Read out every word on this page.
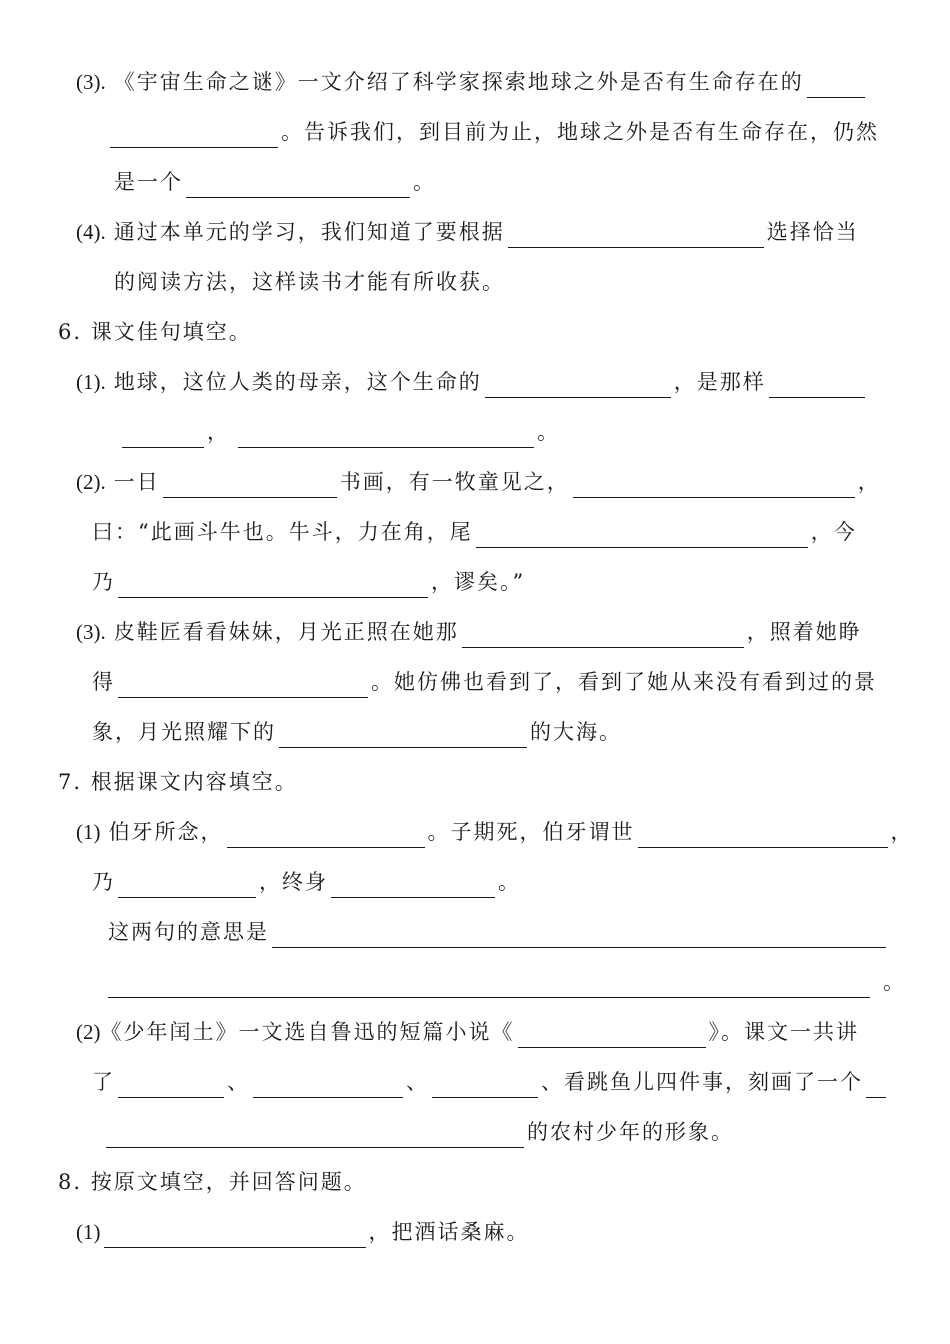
(3). 《宇宙生命之谜》一文介绍了科学家探索地球之外是否有生命存在的
。告诉我们，到目前为止，地球之外是否有生命存在，仍然
是一个	。
(4). 通过本单元的学习，我们知道了要根据	选择恰当
的阅读方法，这样读书才能有所收获。
6. 课文佳句填空。
(1). 地球，这位人类的母亲，这个生命的	，是那样
，	。
(2). 一日	书画，有一牧童见之，	，
曰：“此画斗牛也。牛斗，力在角，尾	，今
乃	，谬矣。”
(3). 皮鞋匠看看妹妹，月光正照在她那	，照着她睁
得	。她仿佛也看到了，看到了她从来没有看到过的景
象，月光照耀下的	的大海。
7. 根据课文内容填空。
(1) 伯牙所念，	。子期死，伯牙谓世	，
乃	，终身	。
这两句的意思是
。
(2) 《少年闰土》一文选自鲁迅的短篇小说《	》。课文一共讲
了	、	、	、看跳鱼儿四件事，刻画了一个
的农村少年的形象。
8. 按原文填空，并回答问题。
(1)	，把酒话桑麻。
